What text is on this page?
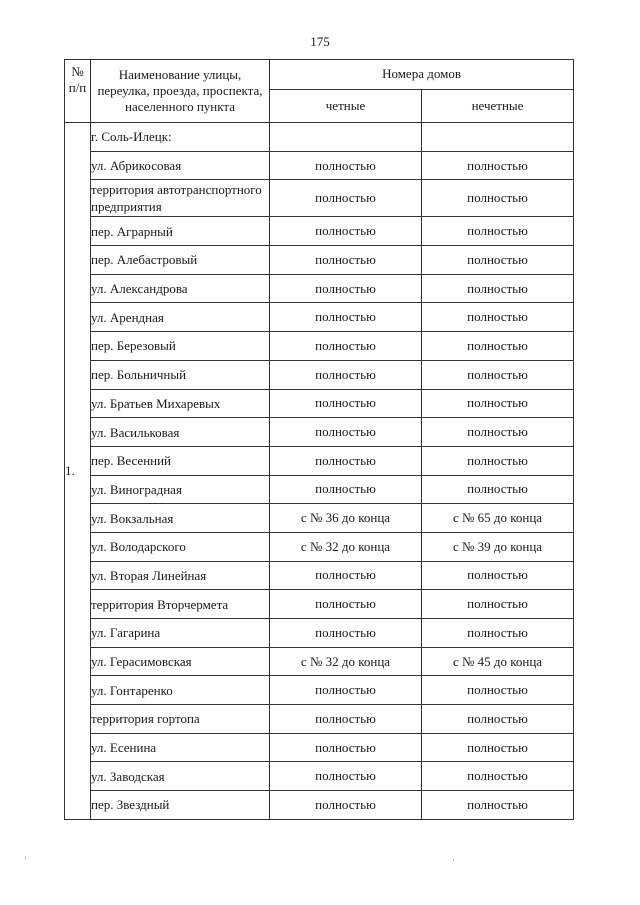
175
№ п/п	Наименование улицы, переулка, проезда, проспекта, населенного пункта	Номера домов	
		четные	нечетные
1.	г. Соль-Илецк:		
	ул. Абрикосовая	полностью	полностью
	территория автотранспортного предприятия	полностью	полностью
	пер. Аграрный	полностью	полностью
	пер. Алебастровый	полностью	полностью
	ул. Александрова	полностью	полностью
	ул. Арендная	полностью	полностью
	пер. Березовый	полностью	полностью
	пер. Больничный	полностью	полностью
	ул. Братьев Михаревых	полностью	полностью
	ул. Васильковая	полностью	полностью
	пер. Весенний	полностью	полностью
	ул. Виноградная	полностью	полностью
	ул. Вокзальная	с № 36 до конца	с № 65 до конца
	ул. Володарского	с № 32 до конца	с № 39 до конца
	ул. Вторая Линейная	полностью	полностью
	территория Вторчермета	полностью	полностью
	ул. Гагарина	полностью	полностью
	ул. Герасимовская	с № 32 до конца	с № 45 до конца
	ул. Гонтаренко	полностью	полностью
	территория гортопа	полностью	полностью
	ул. Есенина	полностью	полностью
	ул. Заводская	полностью	полностью
	пер. Звездный	полностью	полностью
·	·
